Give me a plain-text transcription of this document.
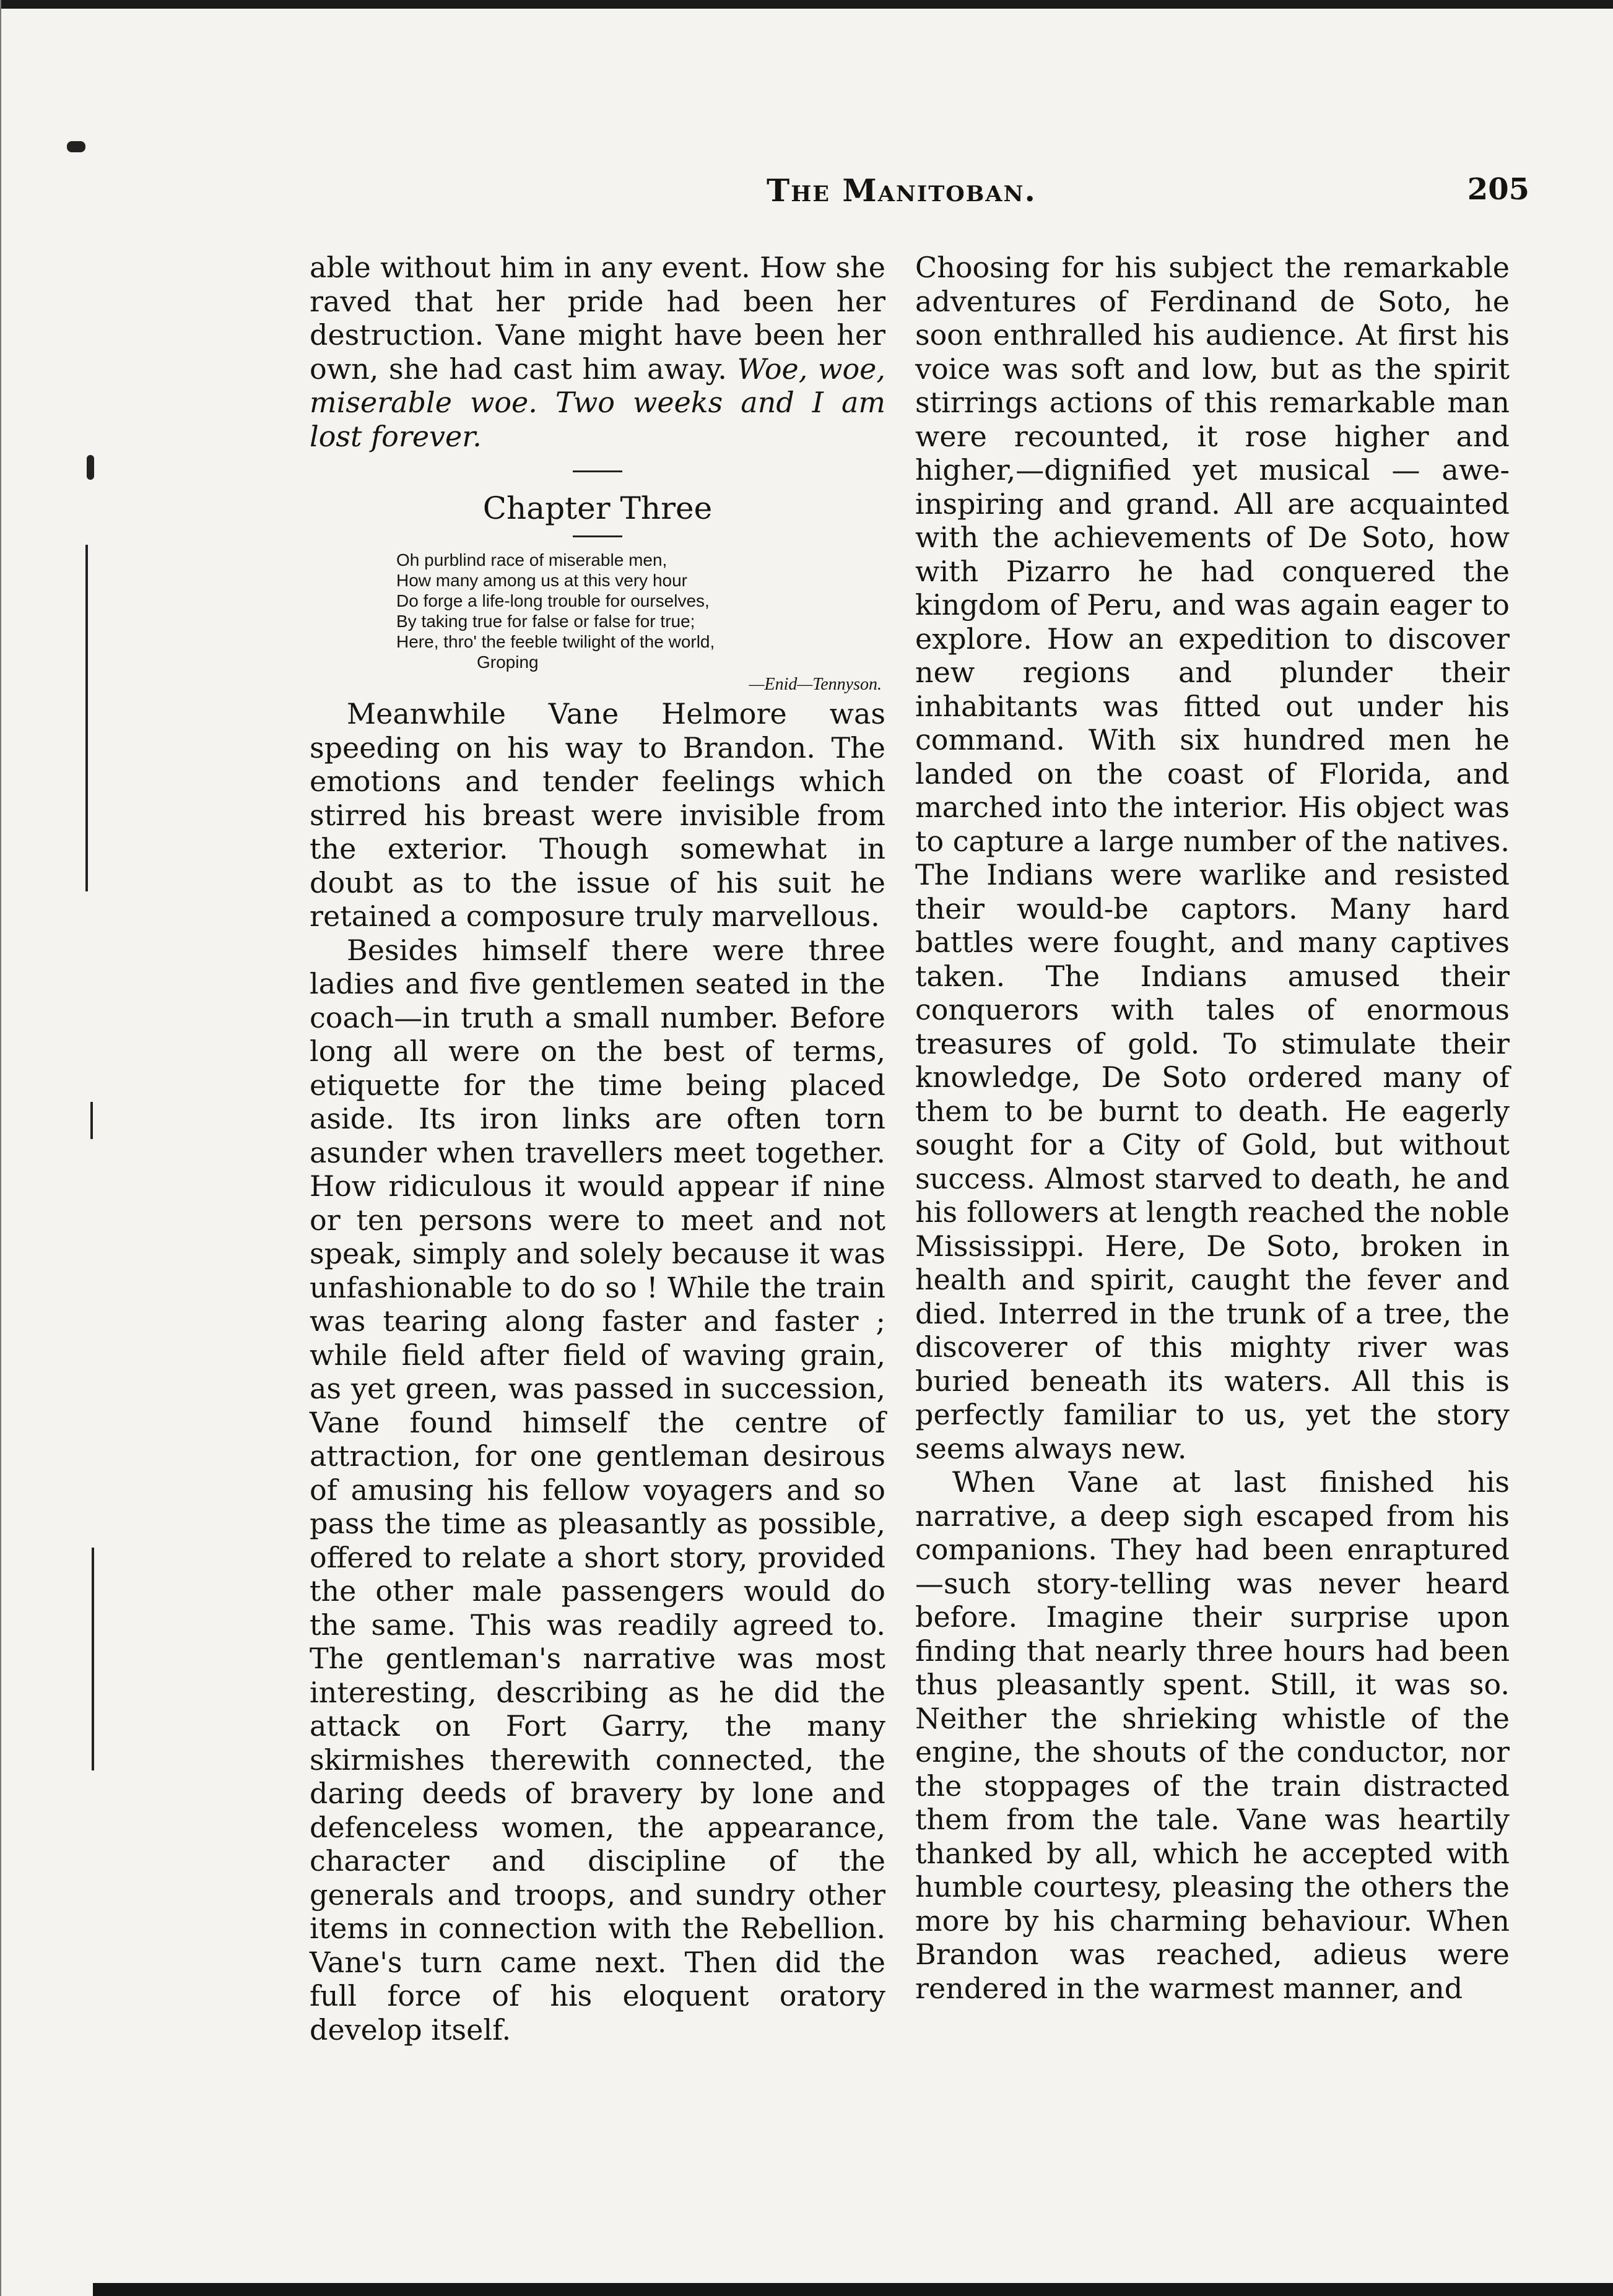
The Manitoban.	205

able without him in any event. How she raved that her pride had been her destruction. Vane might have been her own, she had cast him away. Woe, woe, miserable woe. Two weeks and I am lost forever.

Chapter Three
Oh purblind race of miserable men,
How many among us at this very hour
Do forge a life-long trouble for ourselves,
By taking true for false or false for true;
Here, thro' the feeble twilight of the world,
Groping
—Enid—Tennyson.

Meanwhile Vane Helmore was speeding on his way to Brandon. The emotions and tender feelings which stirred his breast were invisible from the exterior. Though somewhat in doubt as to the issue of his suit he retained a composure truly marvellous.

Besides himself there were three ladies and five gentlemen seated in the coach—in truth a small number. Before long all were on the best of terms, etiquette for the time being placed aside. Its iron links are often torn asunder when travellers meet together. How ridiculous it would appear if nine or ten persons were to meet and not speak, simply and solely because it was unfashionable to do so ! While the train was tearing along faster and faster ; while field after field of waving grain, as yet green, was passed in succession, Vane found himself the centre of attraction, for one gentleman desirous of amusing his fellow voyagers and so pass the time as pleasantly as possible, offered to relate a short story, provided the other male passengers would do the same. This was readily agreed to. The gentleman's narrative was most interesting, describing as he did the attack on Fort Garry, the many skirmishes therewith connected, the daring deeds of bravery by lone and defenceless women, the appearance, character and discipline of the generals and troops, and sundry other items in connection with the Rebellion. Vane's turn came next. Then did the full force of his eloquent oratory develop itself.

Choosing for his subject the remarkable adventures of Ferdinand de Soto, he soon enthralled his audience. At first his voice was soft and low, but as the spirit stirrings actions of this remarkable man were recounted, it rose higher and higher,—dignified yet musical — awe-inspiring and grand. All are acquainted with the achievements of De Soto, how with Pizarro he had conquered the kingdom of Peru, and was again eager to explore. How an expedition to discover new regions and plunder their inhabitants was fitted out under his command. With six hundred men he landed on the coast of Florida, and marched into the interior. His object was to capture a large number of the natives. The Indians were warlike and resisted their would-be captors. Many hard battles were fought, and many captives taken. The Indians amused their conquerors with tales of enormous treasures of gold. To stimulate their knowledge, De Soto ordered many of them to be burnt to death. He eagerly sought for a City of Gold, but without success. Almost starved to death, he and his followers at length reached the noble Mississippi. Here, De Soto, broken in health and spirit, caught the fever and died. Interred in the trunk of a tree, the discoverer of this mighty river was buried beneath its waters. All this is perfectly familiar to us, yet the story seems always new.

When Vane at last finished his narrative, a deep sigh escaped from his companions. They had been enraptured—such story-telling was never heard before. Imagine their surprise upon finding that nearly three hours had been thus pleasantly spent. Still, it was so. Neither the shrieking whistle of the engine, the shouts of the conductor, nor the stoppages of the train distracted them from the tale. Vane was heartily thanked by all, which he accepted with humble courtesy, pleasing the others the more by his charming behaviour. When Brandon was reached, adieus were rendered in the warmest manner, and
